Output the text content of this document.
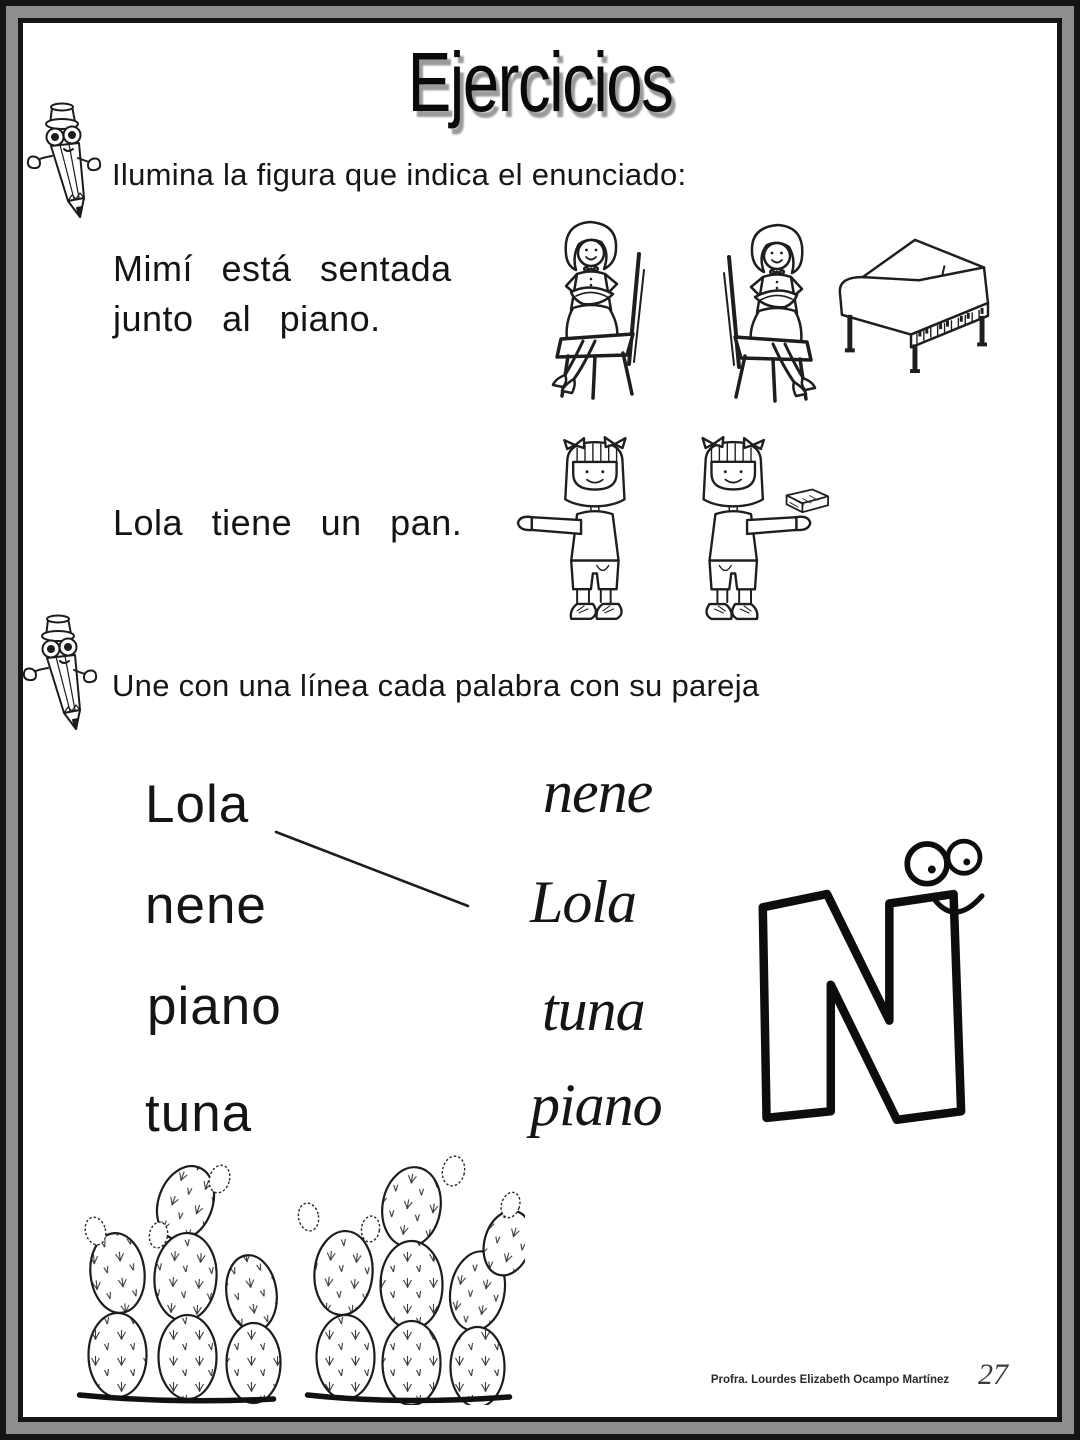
Ejercicios
Ilumina la figura que indica el enunciado:
Mimí está sentada
junto al piano.
Lola tiene un pan.
Une con una línea cada palabra con su pareja
Lola
nene
piano
tuna
nene
Lola
tuna
piano
Profra. Lourdes Elizabeth Ocampo Martínez 27
